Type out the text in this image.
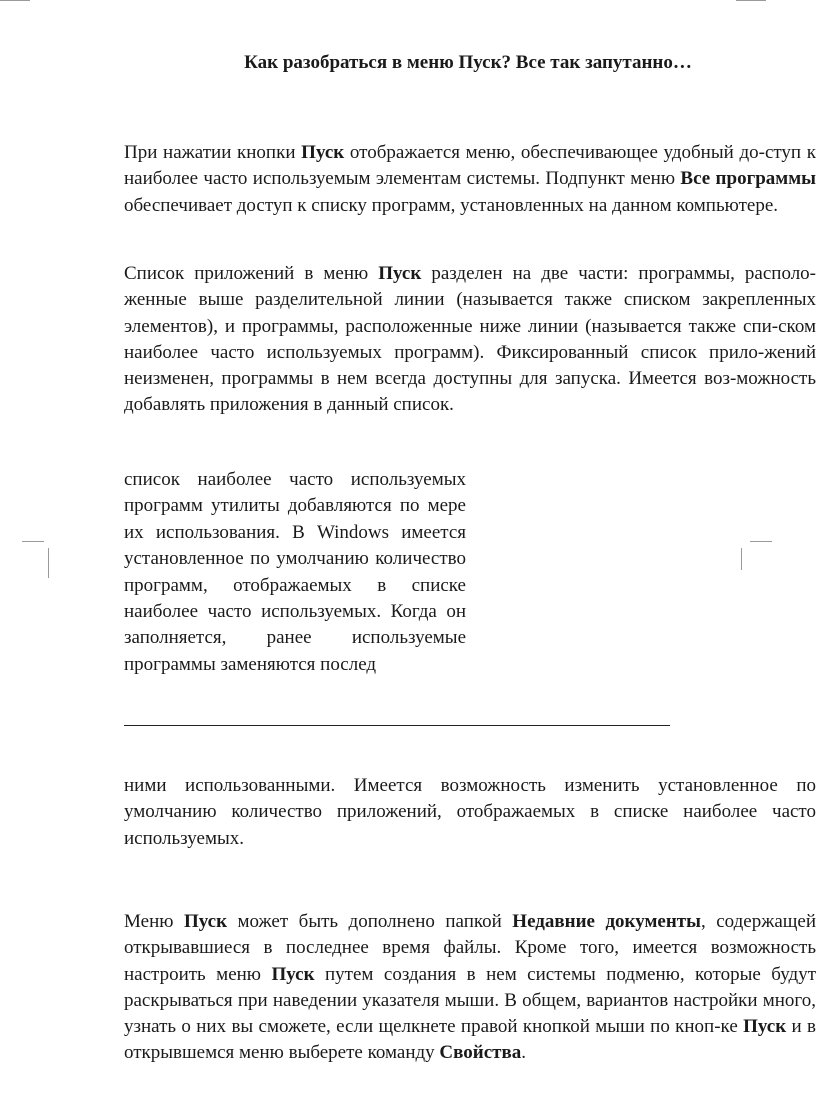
Как разобраться в меню Пуск? Все так запутанно…

При нажатии кнопки Пуск отображается меню, обеспечивающее удобный до-ступ к наиболее часто используемым элементам системы. Подпункт меню Все программы обеспечивает доступ к списку программ, установленных на данном компьютере.

Список приложений в меню Пуск разделен на две части: программы, располо-женные выше разделительной линии (называется также списком закрепленных элементов), и программы, расположенные ниже линии (называется также спи-ском наиболее часто используемых программ). Фиксированный список прило-жений неизменен, программы в нем всегда доступны для запуска. Имеется воз-можность добавлять приложения в данный список.

список наиболее часто используемых программ утилиты добавляются по мере их использования. В Windows имеется установленное по умолчанию количество программ, отображаемых в списке наиболее часто используемых. Когда он заполняется, ранее используемые программы заменяются послед

ними использованными. Имеется возможность изменить установленное по умолчанию количество приложений, отображаемых в списке наиболее часто используемых.

Меню Пуск может быть дополнено папкой Недавние документы, содержащей открывавшиеся в последнее время файлы. Кроме того, имеется возможность настроить меню Пуск путем создания в нем системы подменю, которые будут раскрываться при наведении указателя мыши. В общем, вариантов настройки много, узнать о них вы сможете, если щелкнете правой кнопкой мыши по кноп-ке Пуск и в открывшемся меню выберете команду Свойства.
